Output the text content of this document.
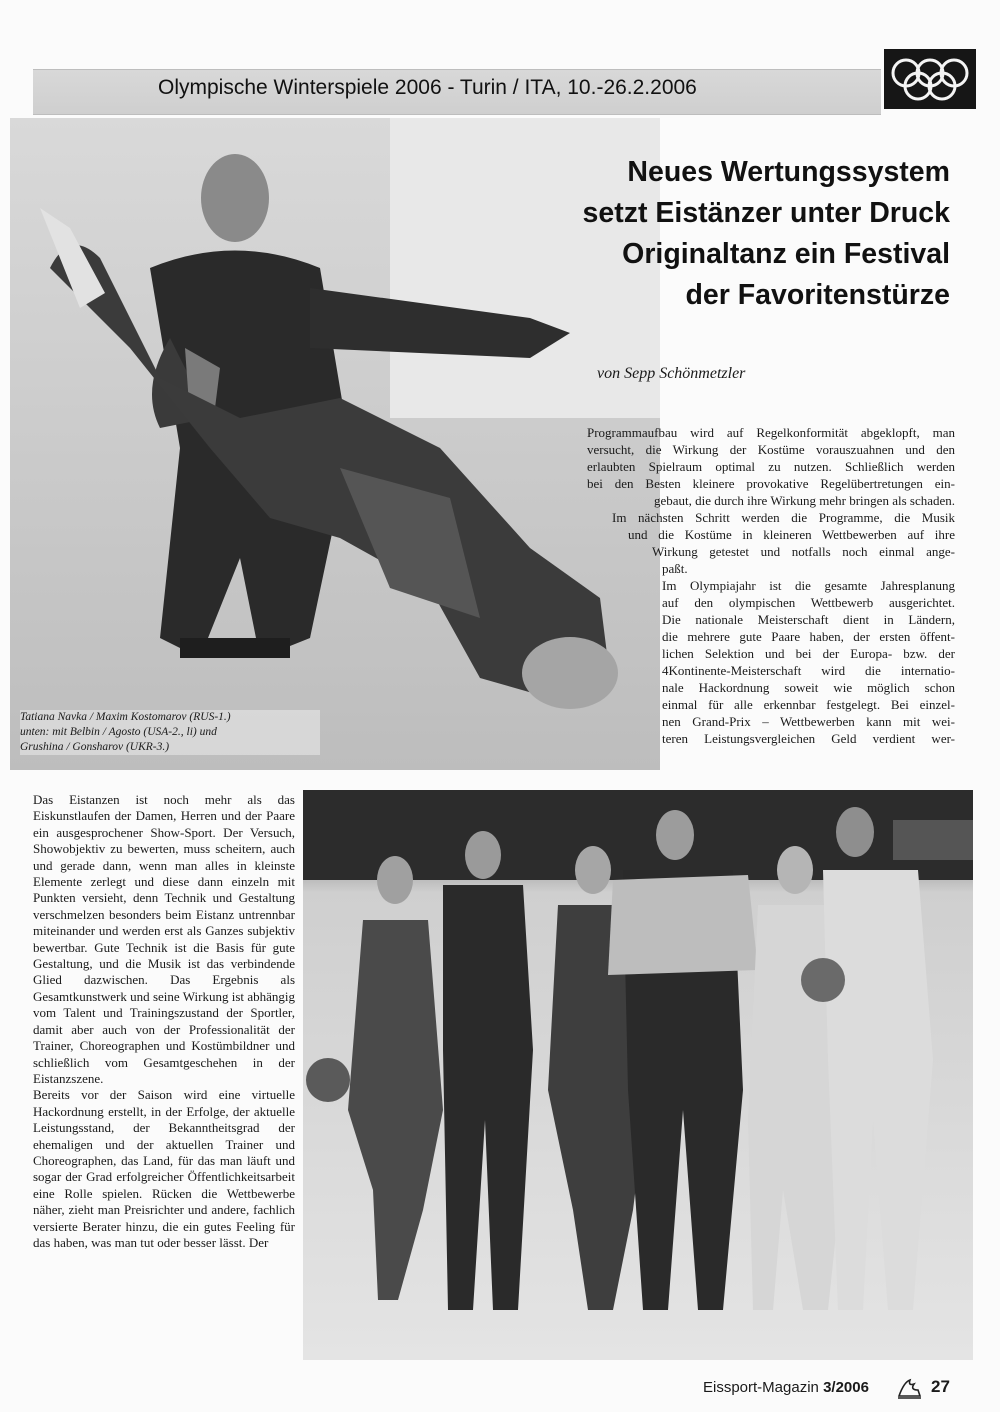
Olympische Winterspiele 2006 - Turin / ITA, 10.-26.2.2006
Neues Wertungssystem
setzt Eistänzer unter Druck
Originaltanz ein Festival
der Favoritenstürze
von Sepp Schönmetzler
Programmaufbau wird auf Regelkonformität abgeklopft, man
versucht, die Wirkung der Kostüme vorauszuahnen und den
erlaubten Spielraum optimal zu nutzen. Schließlich werden
bei den Besten kleinere provokative Regelübertretungen ein-
gebaut, die durch ihre Wirkung mehr bringen als schaden.
Im nächsten Schritt werden die Programme, die Musik
und die Kostüme in kleineren Wettbewerben auf ihre
Wirkung getestet und notfalls noch einmal ange-
paßt.
Im Olympiajahr ist die gesamte Jahresplanung
auf den olympischen Wettbewerb ausgerichtet.
Die nationale Meisterschaft dient in Ländern,
die mehrere gute Paare haben, der ersten öffent-
lichen Selektion und bei der Europa- bzw. der
4Kontinente-Meisterschaft wird die internatio-
nale Hackordnung soweit wie möglich schon
einmal für alle erkennbar festgelegt. Bei einzel-
nen Grand-Prix – Wettbewerben kann mit wei-
teren Leistungsvergleichen Geld verdient wer-
Tatiana Navka / Maxim Kostomarov (RUS-1.)
unten: mit Belbin / Agosto (USA-2., li) und
Grushina / Gonsharov (UKR-3.)

Das Eistanzen ist noch mehr als das Eiskunstlaufen der Damen, Herren und der Paare ein ausgesprochener Show-Sport. Der Versuch, Showobjektiv zu bewerten, muss scheitern, auch und gerade dann, wenn man alles in kleinste Elemente zerlegt und diese dann einzeln mit Punkten versieht, denn Technik und Gestaltung verschmelzen besonders beim Eistanz untrennbar miteinander und werden erst als Ganzes subjektiv bewertbar. Gute Technik ist die Basis für gute Gestaltung, und die Musik ist das verbindende Glied dazwischen. Das Ergebnis als Gesamtkunstwerk und seine Wirkung ist abhängig vom Talent und Trainingszustand der Sportler, damit aber auch von der Professionalität der Trainer, Choreographen und Kostümbildner und schließlich vom Gesamtgeschehen in der Eistanzszene.

Bereits vor der Saison wird eine virtuelle Hackordnung erstellt, in der Erfolge, der aktuelle Leistungsstand, der Bekanntheitsgrad der ehemaligen und der aktuellen Trainer und Choreographen, das Land, für das man läuft und sogar der Grad erfolgreicher Öffentlichkeitsarbeit eine Rolle spielen. Rücken die Wettbewerbe näher, zieht man Preisrichter und andere, fachlich versierte Berater hinzu, die ein gutes Feeling für das haben, was man tut oder besser lässt. Der

Eissport-Magazin 3/2006	27
